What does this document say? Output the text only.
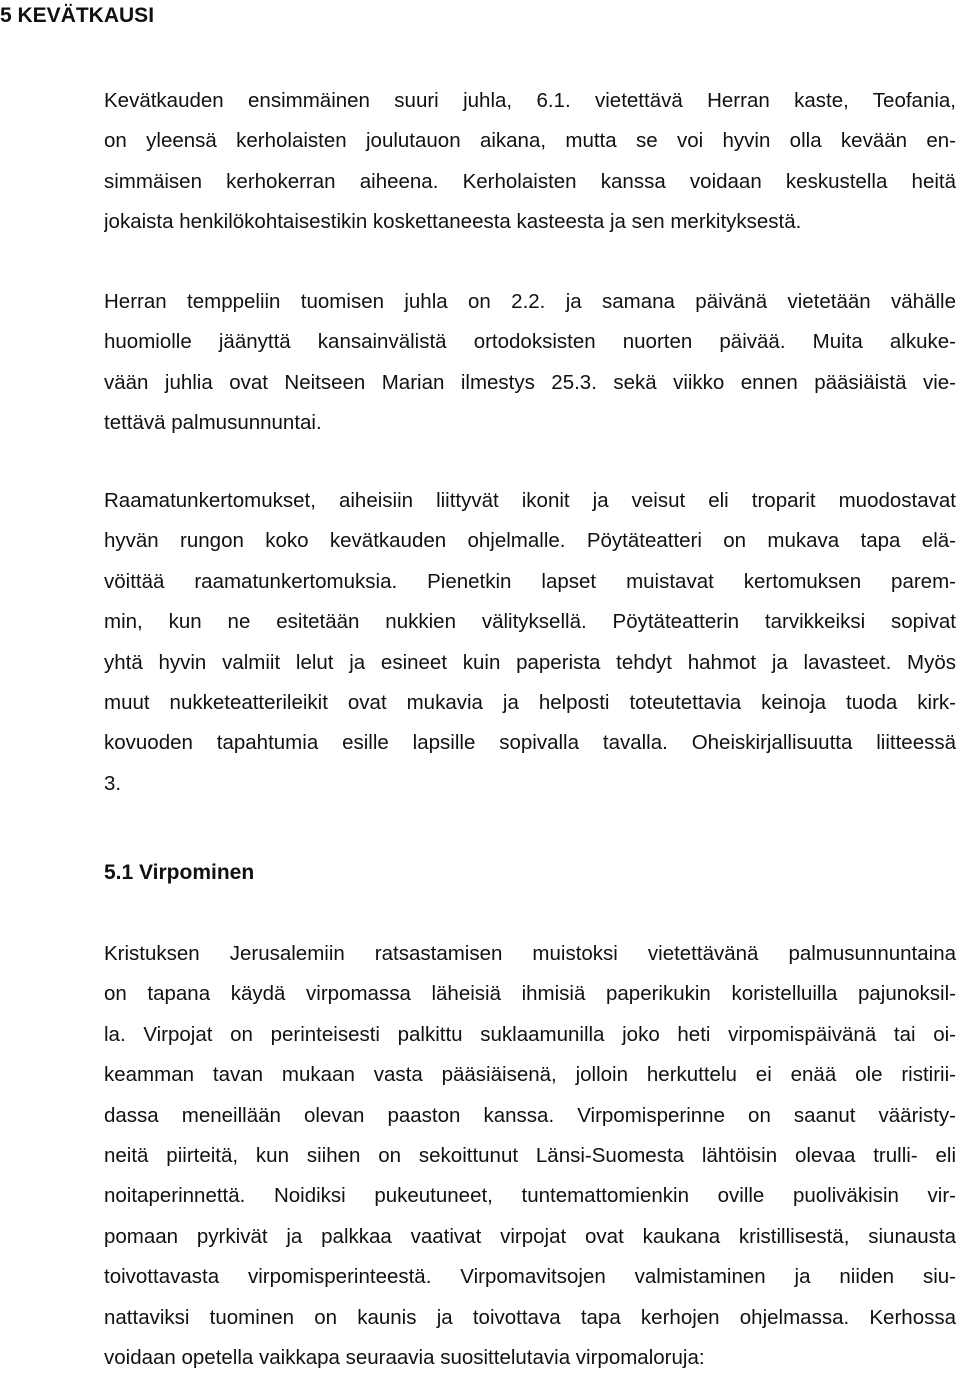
5 KEVÄTKAUSI
Kevätkauden ensimmäinen suuri juhla, 6.1. vietettävä Herran kaste, Teofania,
on yleensä kerholaisten joulutauon aikana, mutta se voi hyvin olla kevään en-
simmäisen kerhokerran aiheena. Kerholaisten kanssa voidaan keskustella heitä
jokaista henkilökohtaisestikin koskettaneesta kasteesta ja sen merkityksestä.
Herran temppeliin tuomisen juhla on 2.2. ja samana päivänä vietetään vähälle
huomiolle jäänyttä kansainvälistä ortodoksisten nuorten päivää. Muita alkuke-
vään juhlia ovat Neitseen Marian ilmestys 25.3. sekä viikko ennen pääsiäistä vie-
tettävä palmusunnuntai.
Raamatunkertomukset, aiheisiin liittyvät ikonit ja veisut eli troparit muodostavat
hyvän rungon koko kevätkauden ohjelmalle. Pöytäteatteri on mukava tapa elä-
vöittää raamatunkertomuksia. Pienetkin lapset muistavat kertomuksen parem-
min, kun ne esitetään nukkien välityksellä. Pöytäteatterin tarvikkeiksi sopivat
yhtä hyvin valmiit lelut ja esineet kuin paperista tehdyt hahmot ja lavasteet. Myös
muut nukketeatterileikit ovat mukavia ja helposti toteutettavia keinoja tuoda kirk-
kovuoden tapahtumia esille lapsille sopivalla tavalla. Oheiskirjallisuutta liitteessä
3.
5.1 Virpominen
Kristuksen Jerusalemiin ratsastamisen muistoksi vietettävänä palmusunnuntaina
on tapana käydä virpomassa läheisiä ihmisiä paperikukin koristelluilla pajunoksil-
la. Virpojat on perinteisesti palkittu suklaamunilla joko heti virpomispäivänä tai oi-
keamman tavan mukaan vasta pääsiäisenä, jolloin herkuttelu ei enää ole ristirii-
dassa meneillään olevan paaston kanssa. Virpomisperinne on saanut vääristy-
neitä piirteitä, kun siihen on sekoittunut Länsi-Suomesta lähtöisin olevaa trulli- eli
noitaperinnettä. Noidiksi pukeutuneet, tuntemattomienkin oville puoliväkisin vir-
pomaan pyrkivät ja palkkaa vaativat virpojat ovat kaukana kristillisestä, siunausta
toivottavasta virpomisperinteestä. Virpomavitsojen valmistaminen ja niiden siu-
nattaviksi tuominen on kaunis ja toivottava tapa kerhojen ohjelmassa. Kerhossa
voidaan opetella vaikkapa seuraavia suosittelutavia virpomaloruja:
